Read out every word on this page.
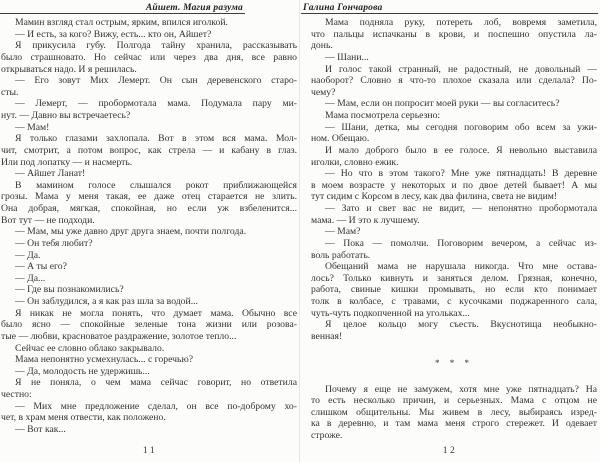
Айшет. Магия разума
Мамин взгляд стал острым, ярким, впился иголкой.
— И есть, за кого? Вижу, есть... кто он, Айшет?
Я прикусила губу. Полгода тайну хранила, рассказывать
было страшновато. Но сейчас или через два дня, все равно
открываться надо. И я решилась.
— Его зовут Мих Лемерт. Он сын деревенского старо-
сты.
— Лемерт, — пробормотала мама. Подумала пару ми-
нут. — Давно вы встречаетесь?
— Мам!
Я только глазами захлопала. Вот в этом вся мама. Мол-
чит, смотрит, а потом вопрос, как стрела — и кабану в глаз.
Или под лопатку — и насмерть.
— Айшет Ланат!
В мамином голосе слышался рокот приближающейся
грозы. Мама у меня такая, ее даже отец старается не злить.
Она добрая, мягкая, спокойная, но если уж взбеленится...
Вот тут — не подходи.
— Мам, мы уже давно друг друга знаем, почти полгода.
— Он тебя любит?
— Да.
— А ты его?
— Да...
— Где вы познакомились?
— Он заблудился, а я как раз шла за водой...
Я никак не могла понять, что думает мама. Обычно все
было ясно — спокойные зеленые тона жизни или розова-
тые — любви, красноватое раздражение, золотое тепло...
Сейчас ее словно облако закрывало.
Мама непонятно усмехнулась... с горечью?
— Да, молодость не удержишь...
Я не поняла, о чем мама сейчас говорит, но ответила
честно:
— Мих мне предложение сделал, он все по-доброму хо-
чет, в храм меня отвести, как положено.
— Вот как...
11
Галина Гончарова
Мама подняла руку, потереть лоб, вовремя заметила,
что пальцы испачканы в крови, и поспешно опустила ла-
донь.
— Шани...
И голос такой странный, не радостный, не довольный —
наоборот? Словно я что-то плохое сказала или сделала? По-
чему?
— Мам, если он попросит моей руки — вы согласитесь?
Мама посмотрела серьезно:
— Шани, детка, мы сегодня поговорим обо всем за ужи-
ном. Обещаю.
И мало доброго было в ее голосе. Я невольно выставила
иголки, словно ежик.
— Но что в этом такого? Мне уже пятнадцать! В деревне
в моем возрасте у некоторых и по двое детей бывает! А мы
тут сидим с Корсом в лесу, как два филина, света не видим!
— Зато и свет вас не видит, — непонятно пробормотала
мама. — И это к лучшему.
— Мам?
— Пока — помолчи. Поговорим вечером, а сейчас из-
воль работать.
Обещаний мама не нарушала никогда. Что мне остава-
лось? Только кивнуть и заняться делом. Грязная, конечно,
работа, свиные кишки промывать, но если кто понимает
толк в колбасе, с травами, с кусочками поджаренного сала,
чуть-чуть подкопченной на угольках...
Я целое кольцо могу съесть. Вкуснотища необыкно-
венная!
* * *
Почему я еще не замужем, хотя мне уже пятнадцать? На
то есть несколько причин, и серьезных. Мама с отцом не
слишком общительны. Мы живем в лесу, выбираясь изред-
ка в деревню, и там мама меня строго стережет. И одевает
строже.
12
